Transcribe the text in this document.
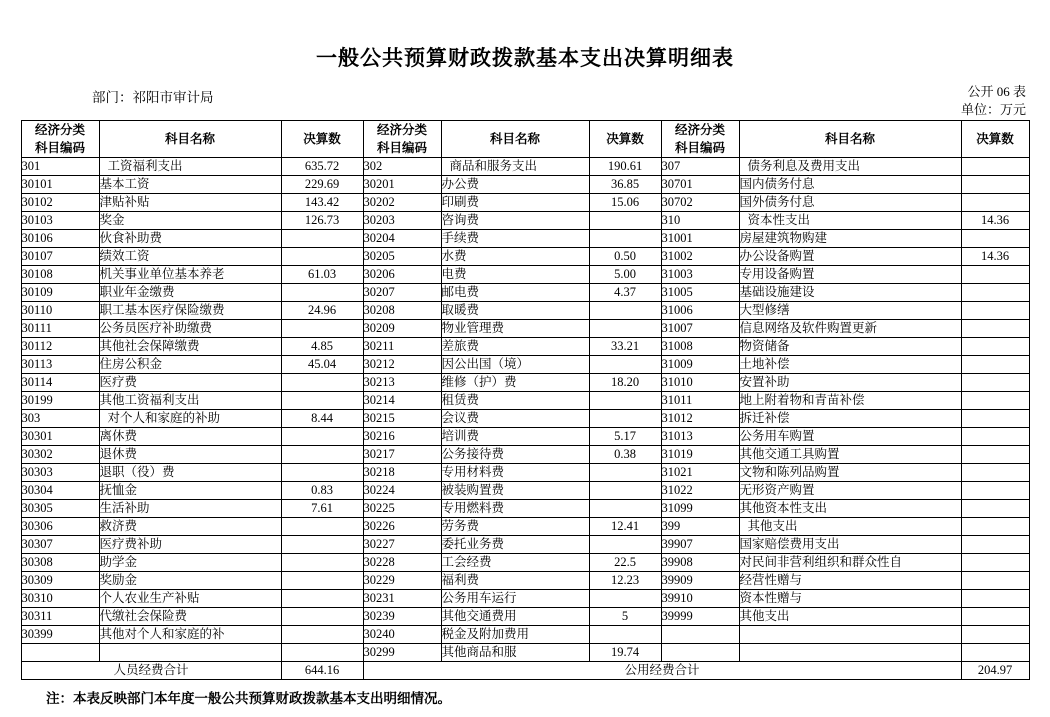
一般公共预算财政拨款基本支出决算明细表
部门：祁阳市审计局	公开 06 表
单位：万元
经济分类
科目编码
	科目名称	决算数	
经济分类
科目编码
	科目名称	决算数	
经济分类
科目编码
	科目名称	决算数
301	工资福利支出	635.72	302	商品和服务支出	190.61	307	债务利息及费用支出	
30101	基本工资	229.69	30201	办公费	36.85	30701	国内债务付息	
30102	津贴补贴	143.42	30202	印刷费	15.06	30702	国外债务付息	
30103	奖金	126.73	30203	咨询费		310	资本性支出	14.36
30106	伙食补助费		30204	手续费		31001	房屋建筑物购建	
30107	绩效工资		30205	水费	0.50	31002	办公设备购置	14.36
30108	机关事业单位基本养老	61.03	30206	电费	5.00	31003	专用设备购置	
30109	职业年金缴费		30207	邮电费	4.37	31005	基础设施建设	
30110	职工基本医疗保险缴费	24.96	30208	取暖费		31006	大型修缮	
30111	公务员医疗补助缴费		30209	物业管理费		31007	信息网络及软件购置更新	
30112	其他社会保障缴费	4.85	30211	差旅费	33.21	31008	物资储备	
30113	住房公积金	45.04	30212	因公出国（境）		31009	土地补偿	
30114	医疗费		30213	维修（护）费	18.20	31010	安置补助	
30199	其他工资福利支出		30214	租赁费		31011	地上附着物和青苗补偿	
303	对个人和家庭的补助	8.44	30215	会议费		31012	拆迁补偿	
30301	离休费		30216	培训费	5.17	31013	公务用车购置	
30302	退休费		30217	公务接待费	0.38	31019	其他交通工具购置	
30303	退职（役）费		30218	专用材料费		31021	文物和陈列品购置	
30304	抚恤金	0.83	30224	被装购置费		31022	无形资产购置	
30305	生活补助	7.61	30225	专用燃料费		31099	其他资本性支出	
30306	救济费		30226	劳务费	12.41	399	其他支出	
30307	医疗费补助		30227	委托业务费		39907	国家赔偿费用支出	
30308	助学金		30228	工会经费	22.5	39908	对民间非营利组织和群众性自	
30309	奖励金		30229	福利费	12.23	39909	经营性赠与	
30310	个人农业生产补贴		30231	公务用车运行		39910	资本性赠与	
30311	代缴社会保险费		30239	其他交通费用	5	39999	其他支出	
30399	其他对个人和家庭的补		30240	税金及附加费用				
			30299	其他商品和服	19.74			
人员经费合计		644.16	公用经费合计					204.97
注：本表反映部门本年度一般公共预算财政拨款基本支出明细情况。
